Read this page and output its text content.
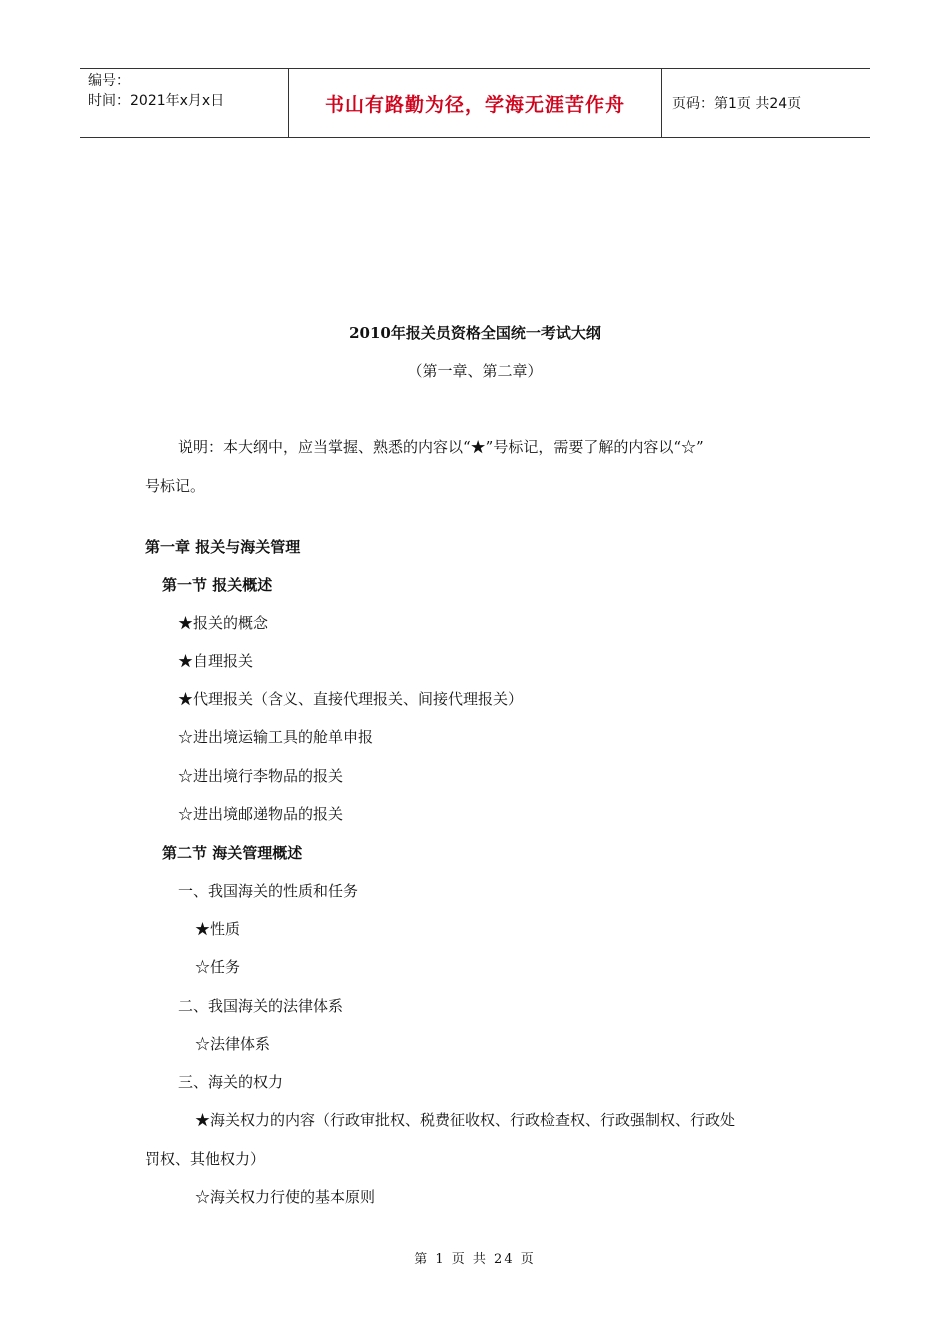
编号：
时间：2021年x月x日	书山有路勤为径，学海无涯苦作舟	页码：第1页 共24页
2010年报关员资格全国统一考试大纲
（第一章、第二章）
说明：本大纲中，应当掌握、熟悉的内容以“★”号标记，需要了解的内容以“☆”
号标记。
第一章 报关与海关管理
第一节 报关概述
★报关的概念
★自理报关
★代理报关（含义、直接代理报关、间接代理报关）
☆进出境运输工具的舱单申报
☆进出境行李物品的报关
☆进出境邮递物品的报关
第二节 海关管理概述
一、我国海关的性质和任务
★性质
☆任务
二、我国海关的法律体系
☆法律体系
三、海关的权力
★海关权力的内容（行政审批权、税费征收权、行政检查权、行政强制权、行政处
罚权、其他权力）
☆海关权力行使的基本原则
第 1 页 共 24 页
